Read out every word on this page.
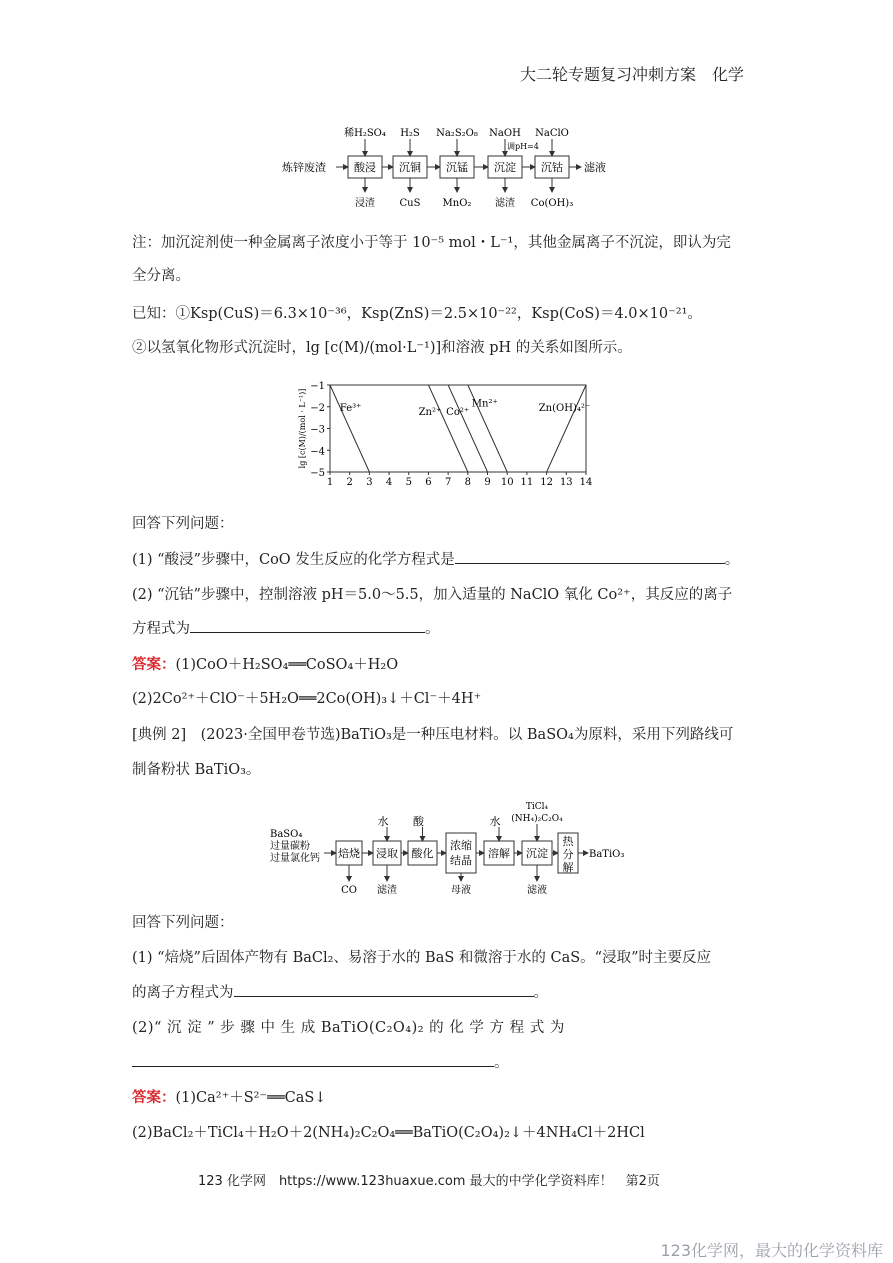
大二轮专题复习冲刺方案　化学
炼锌废渣	酸浸
稀H₂SO₄
浸渣
沉铜
H₂S
CuS
沉锰
Na₂S₂O₈
MnO₂
沉淀
NaOH
滤渣
沉钴
NaClO
Co(OH)₃
调pH=4
滤液
注：加沉淀剂使一种金属离子浓度小于等于 10⁻⁵ mol・L⁻¹，其他金属离子不沉淀，即认为完
全分离。
已知：①Ksp(CuS)＝6.3×10⁻³⁶，Ksp(ZnS)＝2.5×10⁻²²，Ksp(CoS)＝4.0×10⁻²¹。
②以氢氧化物形式沉淀时，lg [c(M)/(mol·L⁻¹)]和溶液 pH 的关系如图所示。
1 2 3 4 5 6 7 8 9 10 11 12 13 14
−1
−2
−3
−4
−5
lg [c(M)/(mol · L⁻¹)]	Fe³⁺	Zn²⁺ Co²⁺
Mn²⁺	Zn(OH)₄²⁻
回答下列问题：
(1) “酸浸”步骤中，CoO 发生反应的化学方程式是	。
(2) “沉钴”步骤中，控制溶液 pH＝5.0～5.5，加入适量的 NaClO 氧化 Co²⁺，其反应的离子
方程式为	。
答案：(1)CoO＋H₂SO₄══CoSO₄＋H₂O
(2)2Co²⁺＋ClO⁻＋5H₂O══2Co(OH)₃↓＋Cl⁻＋4H⁺
[典例 2]　(2023·全国甲卷节选)BaTiO₃是一种压电材料。以 BaSO₄为原料，采用下列路线可
制备粉状 BaTiO₃。
BaSO₄
过量碳粉
过量氯化钙 焙烧 浸取 酸化
浓缩
结晶
溶解 沉淀
热
分
解
BaTiO₃
水 酸	水
TiCl₄
(NH₄)₂C₂O₄
CO 滤渣	母液	滤液
回答下列问题：
(1) “焙烧”后固体产物有 BaCl₂、易溶于水的 BaS 和微溶于水的 CaS。“浸取”时主要反应
的离子方程式为	。
(2)“ 沉 淀 ” 步 骤 中 生 成 BaTiO(C₂O₄)₂ 的 化 学 方 程 式 为
。
答案：(1)Ca²⁺＋S²⁻══CaS↓
(2)BaCl₂＋TiCl₄＋H₂O＋2(NH₄)₂C₂O₄══BaTiO(C₂O₄)₂↓＋4NH₄Cl＋2HCl
123 化学网　https://www.123huaxue.com 最大的中学化学资料库！　第2页
123化学网，最大的化学资料库
